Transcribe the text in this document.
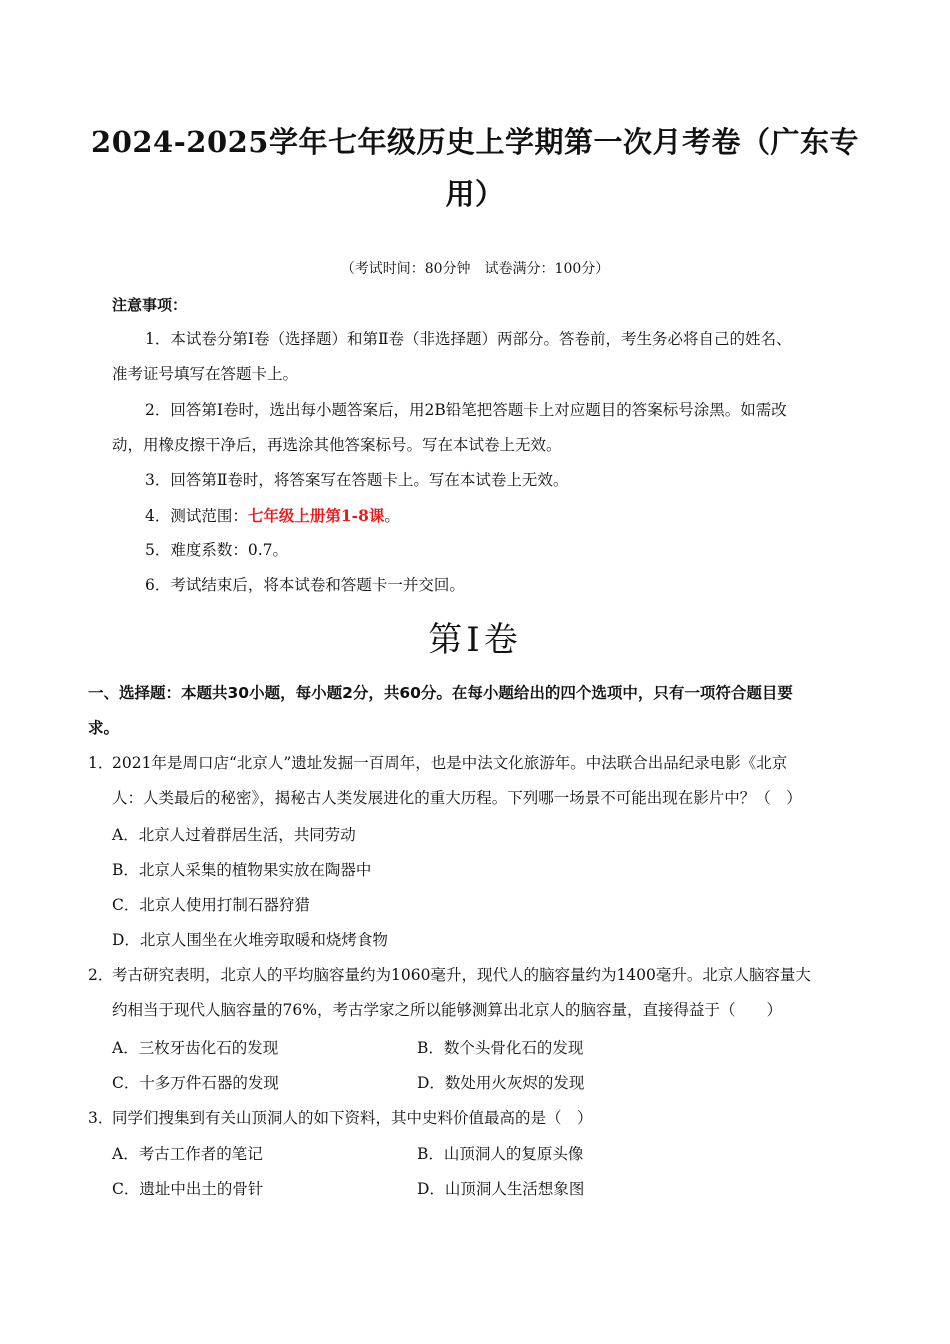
2024-2025学年七年级历史上学期第一次月考卷（广东专
用）
（考试时间：80分钟　试卷满分：100分）
注意事项：
1．本试卷分第Ⅰ卷（选择题）和第Ⅱ卷（非选择题）两部分。答卷前，考生务必将自己的姓名、
准考证号填写在答题卡上。
2．回答第Ⅰ卷时，选出每小题答案后，用2B铅笔把答题卡上对应题目的答案标号涂黑。如需改
动，用橡皮擦干净后，再选涂其他答案标号。写在本试卷上无效。
3．回答第Ⅱ卷时，将答案写在答题卡上。写在本试卷上无效。
4．测试范围：七年级上册第1-8课。
5．难度系数：0.7。
6．考试结束后，将本试卷和答题卡一并交回。
第Ⅰ卷
一、选择题：本题共30小题，每小题2分，共60分。在每小题给出的四个选项中，只有一项符合题目要
求。
1．2021年是周口店“北京人”遗址发掘一百周年，也是中法文化旅游年。中法联合出品纪录电影《北京
人：人类最后的秘密》，揭秘古人类发展进化的重大历程。下列哪一场景不可能出现在影片中？（　）
A．北京人过着群居生活，共同劳动
B．北京人采集的植物果实放在陶器中
C．北京人使用打制石器狩猎
D．北京人围坐在火堆旁取暖和烧烤食物
2．考古研究表明，北京人的平均脑容量约为1060毫升，现代人的脑容量约为1400毫升。北京人脑容量大
约相当于现代人脑容量的76%，考古学家之所以能够测算出北京人的脑容量，直接得益于（　　）
A．三枚牙齿化石的发现	B．数个头骨化石的发现
C．十多万件石器的发现	D．数处用火灰烬的发现
3．同学们搜集到有关山顶洞人的如下资料，其中史料价值最高的是（　）
A．考古工作者的笔记	B．山顶洞人的复原头像
C．遗址中出土的骨针	D．山顶洞人生活想象图
